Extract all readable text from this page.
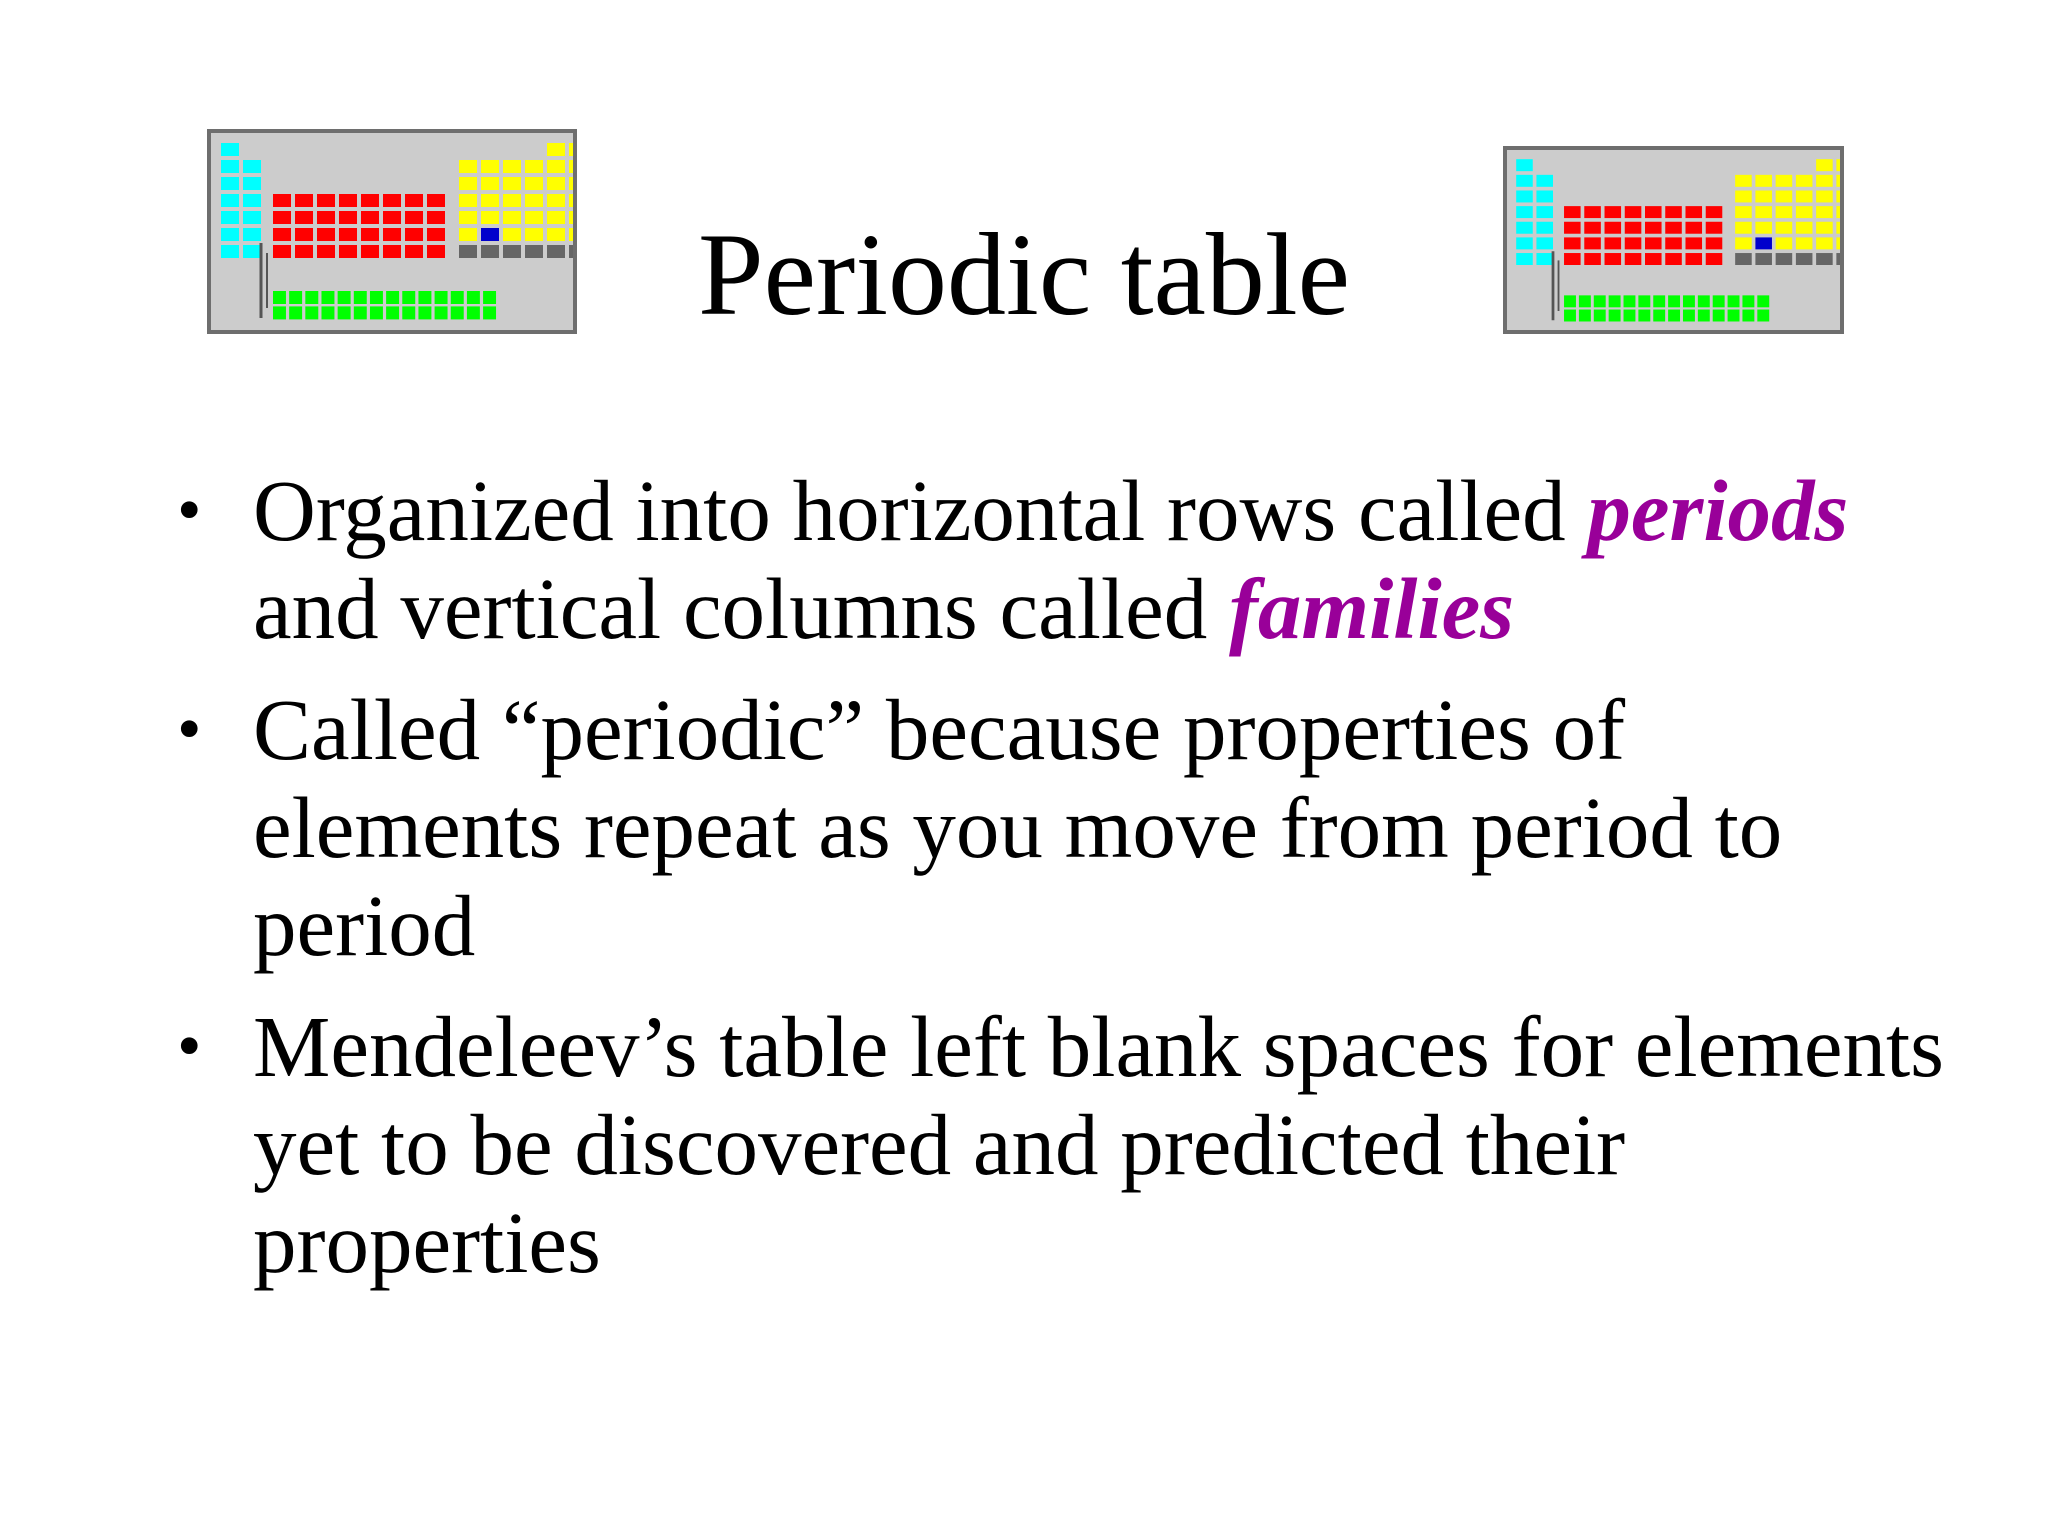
Periodic table
• Organized into horizontal rows called periods and vertical columns called families
• Called “periodic” because properties of elements repeat as you move from period to period
• Mendeleev’s table left blank spaces for elements yet to be discovered and predicted their properties
